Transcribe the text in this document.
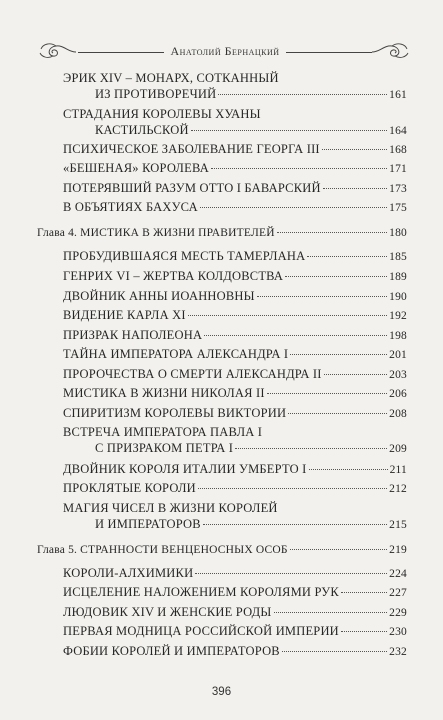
Анатолий Бернацкий
ЭРИК XIV – МОНАРХ, СОТКАННЫЙ
ИЗ ПРОТИВОРЕЧИЙ	161
СТРАДАНИЯ КОРОЛЕВЫ ХУАНЫ
КАСТИЛЬСКОЙ	164
ПСИХИЧЕСКОЕ ЗАБОЛЕВАНИЕ ГЕОРГА III	168
«БЕШЕНАЯ» КОРОЛЕВА	171
ПОТЕРЯВШИЙ РАЗУМ ОТТО I БАВАРСКИЙ	173
В ОБЪЯТИЯХ БАХУСА	175
Глава 4. МИСТИКА В ЖИЗНИ ПРАВИТЕЛЕЙ	180
ПРОБУДИВШАЯСЯ МЕСТЬ ТАМЕРЛАНА	185
ГЕНРИХ VI – ЖЕРТВА КОЛДОВСТВА	189
ДВОЙНИК АННЫ ИОАННОВНЫ	190
ВИДЕНИЕ КАРЛА XI	192
ПРИЗРАК НАПОЛЕОНА	198
ТАЙНА ИМПЕРАТОРА АЛЕКСАНДРА I	201
ПРОРОЧЕСТВА О СМЕРТИ АЛЕКСАНДРА II	203
МИСТИКА В ЖИЗНИ НИКОЛАЯ II	206
СПИРИТИЗМ КОРОЛЕВЫ ВИКТОРИИ	208
ВСТРЕЧА ИМПЕРАТОРА ПАВЛА I
С ПРИЗРАКОМ ПЕТРА I	209
ДВОЙНИК КОРОЛЯ ИТАЛИИ УМБЕРТО I	211
ПРОКЛЯТЫЕ КОРОЛИ	212
МАГИЯ ЧИСЕЛ В ЖИЗНИ КОРОЛЕЙ
И ИМПЕРАТОРОВ	215
Глава 5. СТРАННОСТИ ВЕНЦЕНОСНЫХ ОСОБ	219
КОРОЛИ-АЛХИМИКИ	224
ИСЦЕЛЕНИЕ НАЛОЖЕНИЕМ КОРОЛЯМИ РУК	227
ЛЮДОВИК XIV И ЖЕНСКИЕ РОДЫ	229
ПЕРВАЯ МОДНИЦА РОССИЙСКОЙ ИМПЕРИИ	230
ФОБИИ КОРОЛЕЙ И ИМПЕРАТОРОВ	232
396
